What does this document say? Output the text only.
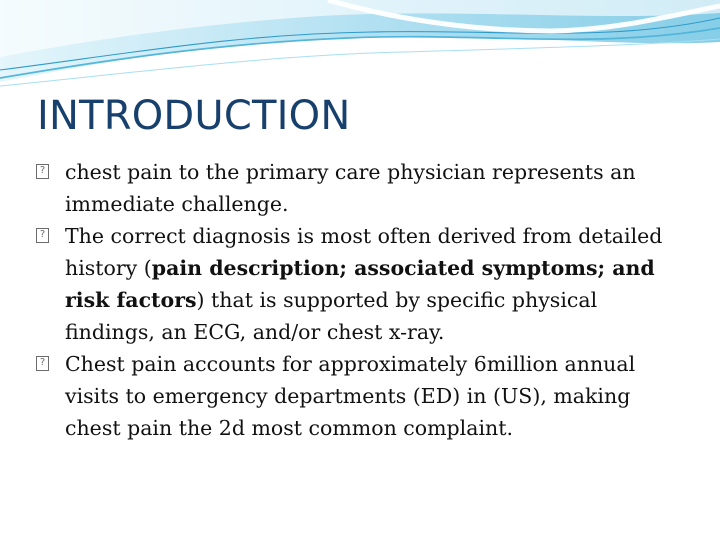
INTRODUCTION
? chest pain to the primary care physician represents an immediate challenge.
? The correct diagnosis is most often derived from detailed history (pain description; associated symptoms; and risk factors) that is supported by specific physical findings, an ECG, and/or chest x-ray.
? Chest pain accounts for approximately 6million annual visits to emergency departments (ED) in (US), making chest pain the 2d most common complaint.
